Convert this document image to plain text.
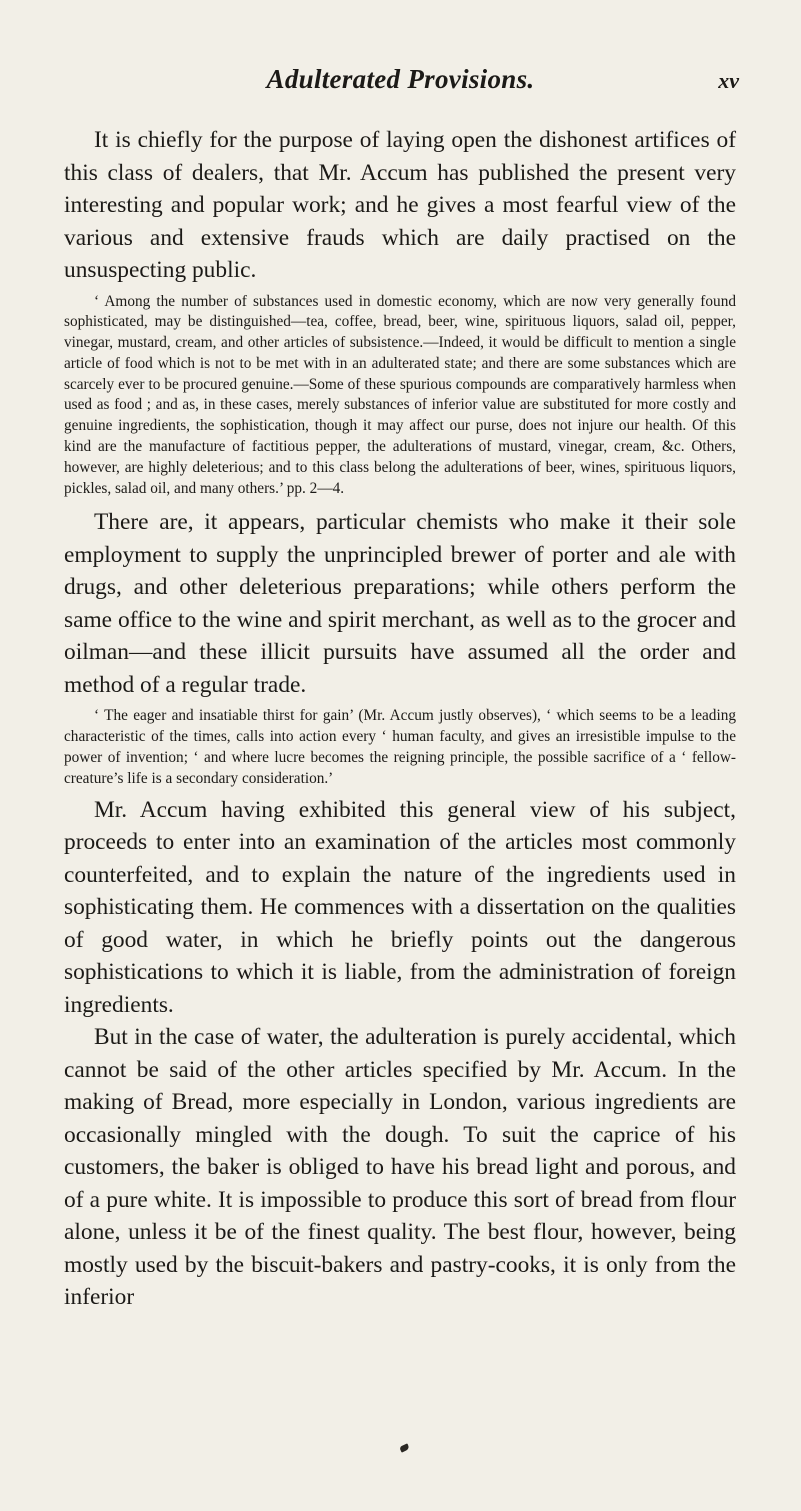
Adulterated Provisions.	xv

It is chiefly for the purpose of laying open the dishonest artifices of this class of dealers, that Mr. Accum has published the present very interesting and popular work; and he gives a most fearful view of the various and extensive frauds which are daily practised on the unsuspecting public.

‘ Among the number of substances used in domestic economy, which are now very generally found sophisticated, may be distinguished—tea, coffee, bread, beer, wine, spirituous liquors, salad oil, pepper, vinegar, mustard, cream, and other articles of subsistence.—Indeed, it would be difficult to mention a single article of food which is not to be met with in an adulterated state; and there are some substances which are scarcely ever to be procured genuine.—Some of these spurious compounds are comparatively harmless when used as food ; and as, in these cases, merely substances of inferior value are substituted for more costly and genuine ingredients, the sophistication, though it may affect our purse, does not injure our health. Of this kind are the manufacture of factitious pepper, the adulterations of mustard, vinegar, cream, &c. Others, however, are highly deleterious; and to this class belong the adulterations of beer, wines, spirituous liquors, pickles, salad oil, and many others.’ pp. 2—4.

There are, it appears, particular chemists who make it their sole employment to supply the unprincipled brewer of porter and ale with drugs, and other deleterious preparations; while others perform the same office to the wine and spirit merchant, as well as to the grocer and oilman—and these illicit pursuits have assumed all the order and method of a regular trade.

‘ The eager and insatiable thirst for gain’ (Mr. Accum justly observes), ‘ which seems to be a leading characteristic of the times, calls into action every ‘ human faculty, and gives an irresistible impulse to the power of invention; ‘ and where lucre becomes the reigning principle, the possible sacrifice of a ‘ fellow-creature’s life is a secondary consideration.’

Mr. Accum having exhibited this general view of his subject, proceeds to enter into an examination of the articles most commonly counterfeited, and to explain the nature of the ingredients used in sophisticating them. He commences with a dissertation on the qualities of good water, in which he briefly points out the dangerous sophistications to which it is liable, from the administration of foreign ingredients.

But in the case of water, the adulteration is purely accidental, which cannot be said of the other articles specified by Mr. Accum. In the making of Bread, more especially in London, various ingredients are occasionally mingled with the dough. To suit the caprice of his customers, the baker is obliged to have his bread light and porous, and of a pure white. It is impossible to produce this sort of bread from flour alone, unless it be of the finest quality. The best flour, however, being mostly used by the biscuit-bakers and pastry-cooks, it is only from the inferior
